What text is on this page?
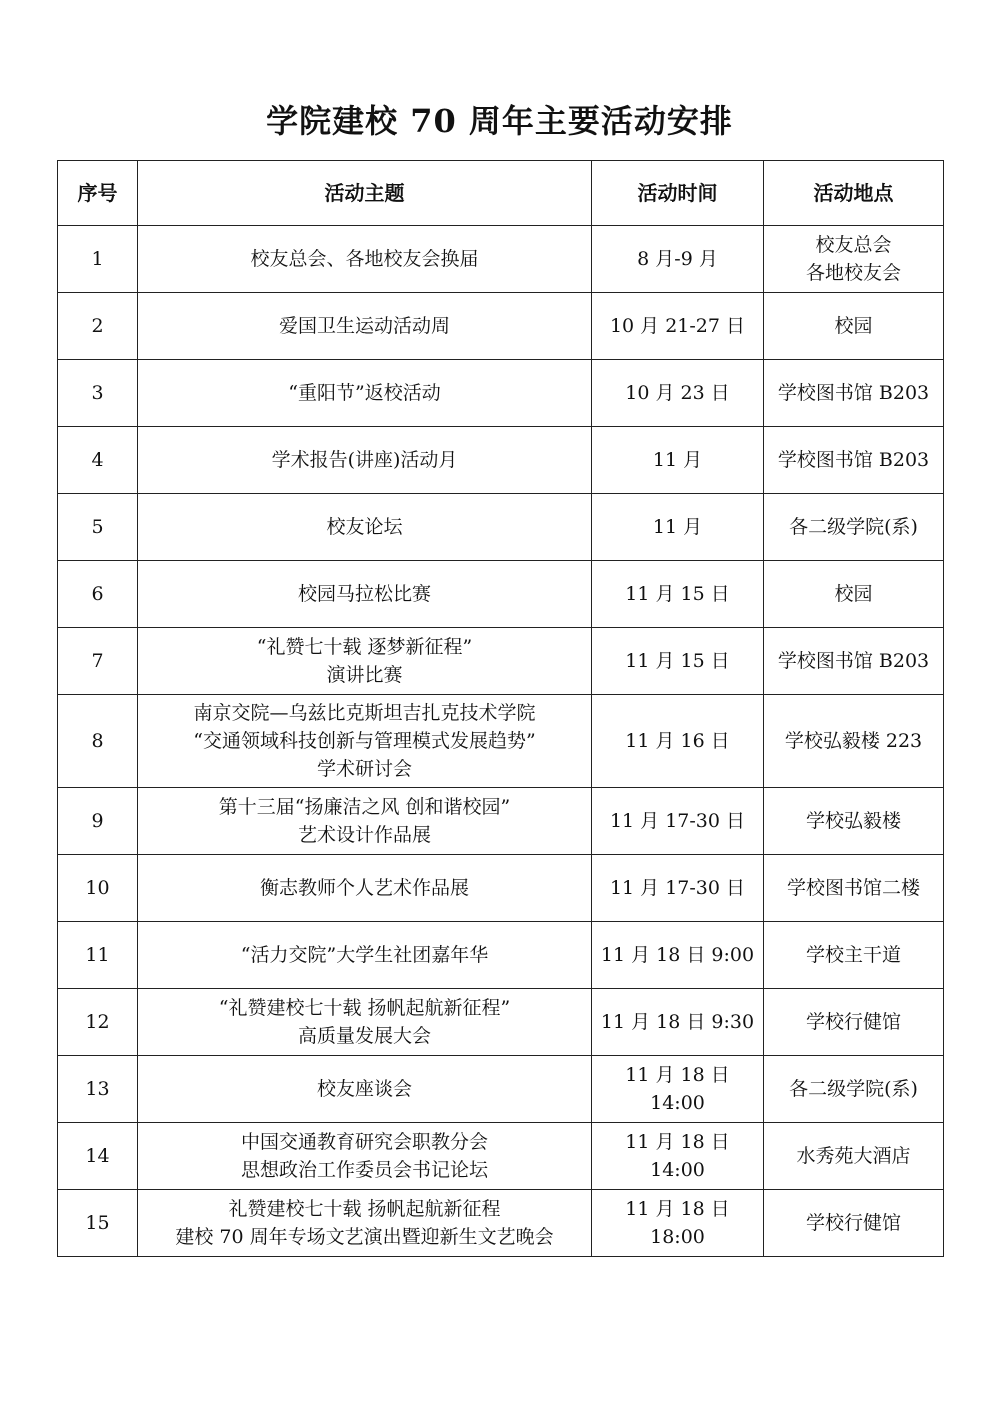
学院建校 70 周年主要活动安排
序号	活动主题	活动时间	活动地点
1	校友总会、各地校友会换届	8 月-9 月	校友总会
各地校友会

2	爱国卫生运动活动周	10 月 21-27 日	校园

3	“重阳节”返校活动	10 月 23 日	学校图书馆 B203

4	学术报告(讲座)活动月	11 月	学校图书馆 B203

5	校友论坛	11 月	各二级学院(系)

6	校园马拉松比赛	11 月 15 日	校园

7	“礼赞七十载 逐梦新征程”
演讲比赛	11 月 15 日	学校图书馆 B203

8	南京交院—乌兹比克斯坦吉扎克技术学院
“交通领域科技创新与管理模式发展趋势”
学术研讨会	11 月 16 日	学校弘毅楼 223

9	第十三届“扬廉洁之风 创和谐校园”
艺术设计作品展	11 月 17-30 日	学校弘毅楼

10	衡志教师个人艺术作品展	11 月 17-30 日	学校图书馆二楼

11	“活力交院”大学生社团嘉年华	11 月 18 日 9:00	学校主干道

12	“礼赞建校七十载 扬帆起航新征程”
高质量发展大会	11 月 18 日 9:30	学校行健馆

13	校友座谈会	11 月 18 日 14:00	各二级学院(系)

14	中国交通教育研究会职教分会
思想政治工作委员会书记论坛	11 月 18 日 14:00	水秀苑大酒店

15	礼赞建校七十载 扬帆起航新征程
建校 70 周年专场文艺演出暨迎新生文艺晚会	11 月 18 日 18:00	学校行健馆
